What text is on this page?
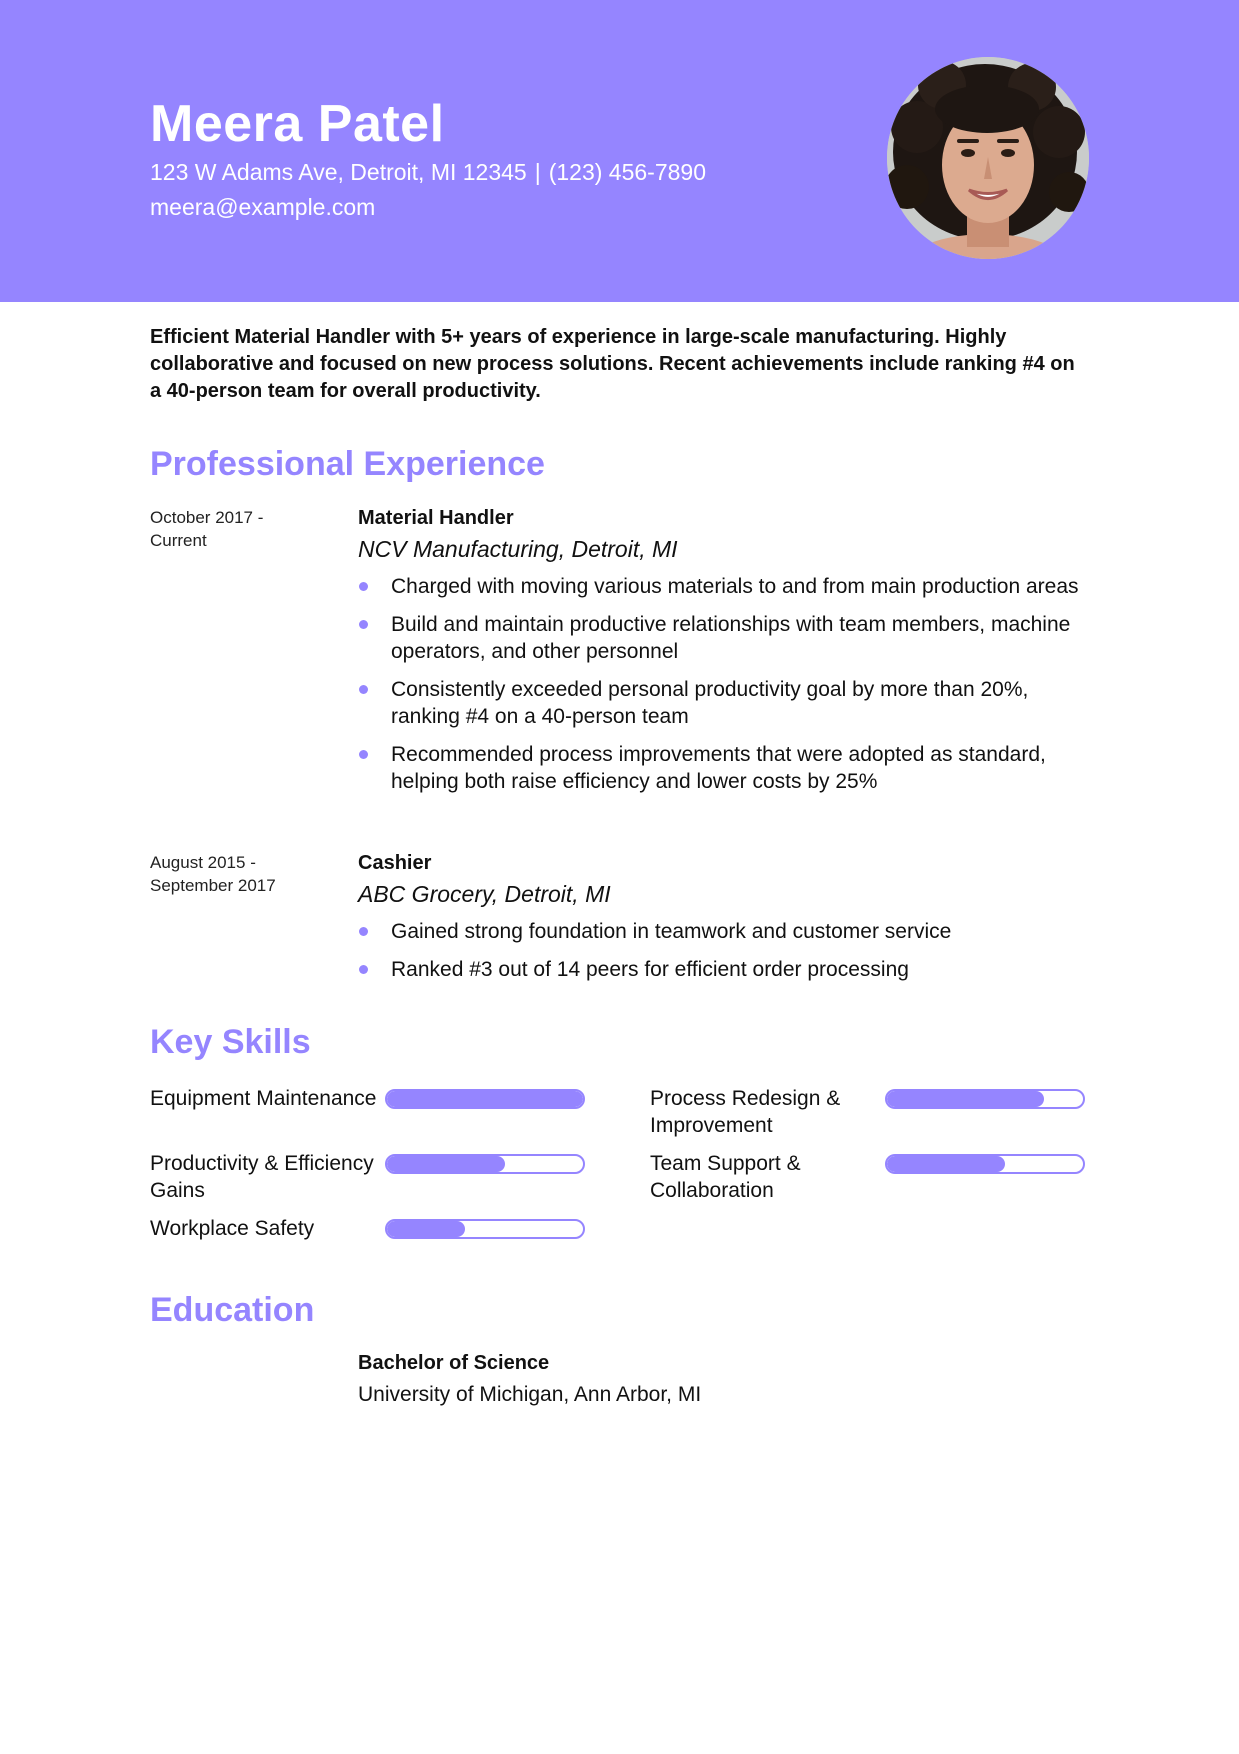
Meera Patel
123 W Adams Ave, Detroit, MI 12345 | (123) 456-7890
meera@example.com
Efficient Material Handler with 5+ years of experience in large-scale manufacturing. Highly collaborative and focused on new process solutions. Recent achievements include ranking #4 on a 40-person team for overall productivity.
Professional Experience
October 2017 -
Current
Material Handler
NCV Manufacturing, Detroit, MI
Charged with moving various materials to and from main production areas
Build and maintain productive relationships with team members, machine operators, and other personnel
Consistently exceeded personal productivity goal by more than 20%, ranking #4 on a 40-person team
Recommended process improvements that were adopted as standard, helping both raise efficiency and lower costs by 25%
August 2015 -
September 2017
Cashier
ABC Grocery, Detroit, MI
Gained strong foundation in teamwork and customer service
Ranked #3 out of 14 peers for efficient order processing
Key Skills
Equipment Maintenance	Process Redesign & Improvement
Productivity & Efficiency Gains
Team Support & Collaboration
Workplace Safety
Education
Bachelor of Science
University of Michigan, Ann Arbor, MI
